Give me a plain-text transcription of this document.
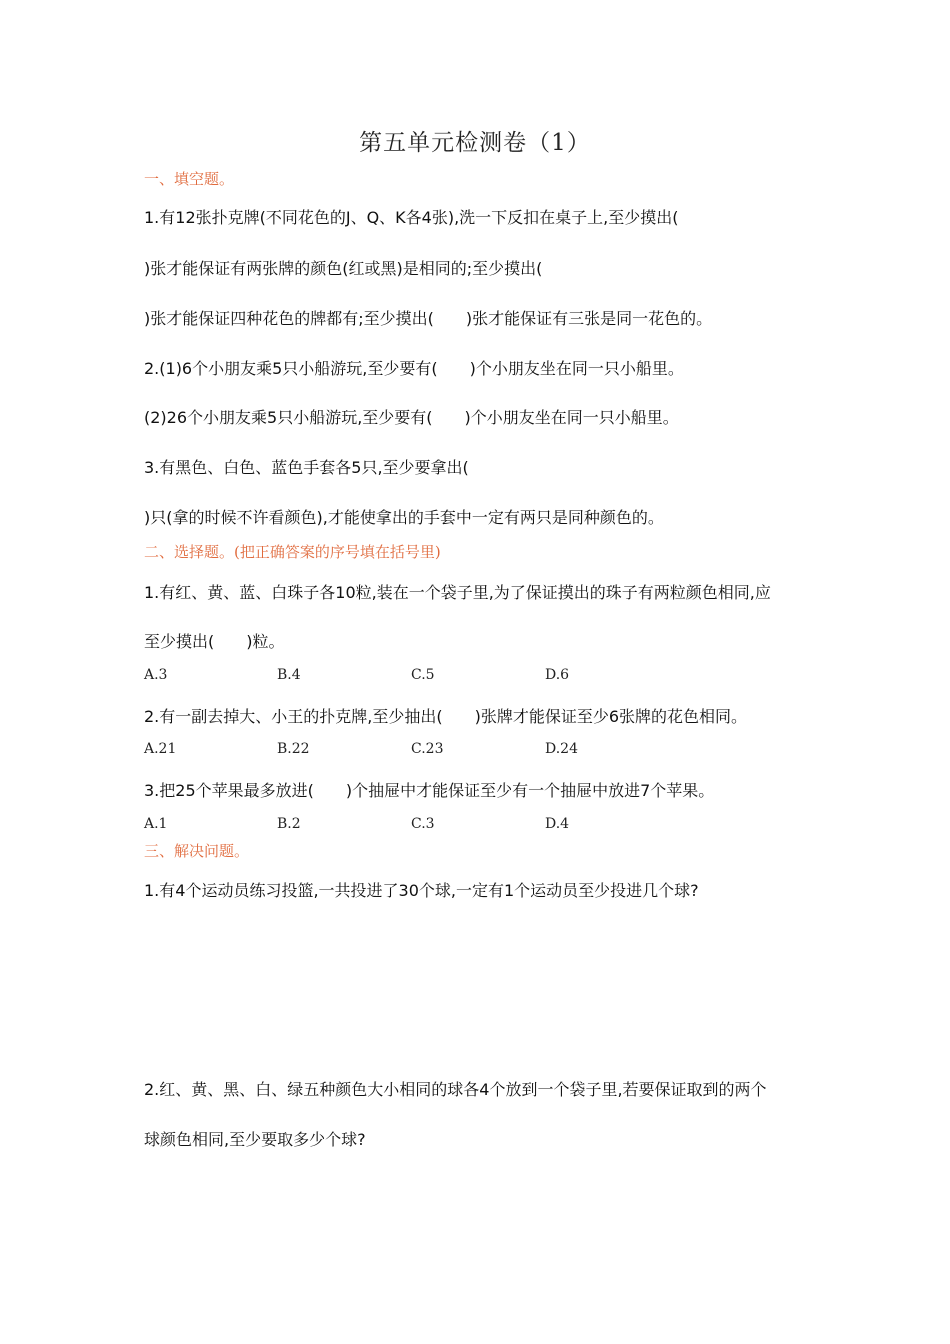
第五单元检测卷（1）
一、填空题。
1.有12张扑克牌(不同花色的J、Q、K各4张),洗一下反扣在桌子上,至少摸出(
)张才能保证有两张牌的颜色(红或黑)是相同的;至少摸出(
)张才能保证四种花色的牌都有;至少摸出(　　)张才能保证有三张是同一花色的。
2.(1)6个小朋友乘5只小船游玩,至少要有(　　)个小朋友坐在同一只小船里。
(2)26个小朋友乘5只小船游玩,至少要有(　　)个小朋友坐在同一只小船里。
3.有黑色、白色、蓝色手套各5只,至少要拿出(
)只(拿的时候不许看颜色),才能使拿出的手套中一定有两只是同种颜色的。
二、选择题。(把正确答案的序号填在括号里)
1.有红、黄、蓝、白珠子各10粒,装在一个袋子里,为了保证摸出的珠子有两粒颜色相同,应
至少摸出(　　)粒。
A.3	B.4	C.5	D.6
2.有一副去掉大、小王的扑克牌,至少抽出(　　)张牌才能保证至少6张牌的花色相同。
A.21	B.22	C.23	D.24
3.把25个苹果最多放进(　　)个抽屉中才能保证至少有一个抽屉中放进7个苹果。
A.1	B.2	C.3	D.4
三、解决问题。
1.有4个运动员练习投篮,一共投进了30个球,一定有1个运动员至少投进几个球?
2.红、黄、黑、白、绿五种颜色大小相同的球各4个放到一个袋子里,若要保证取到的两个
球颜色相同,至少要取多少个球?
